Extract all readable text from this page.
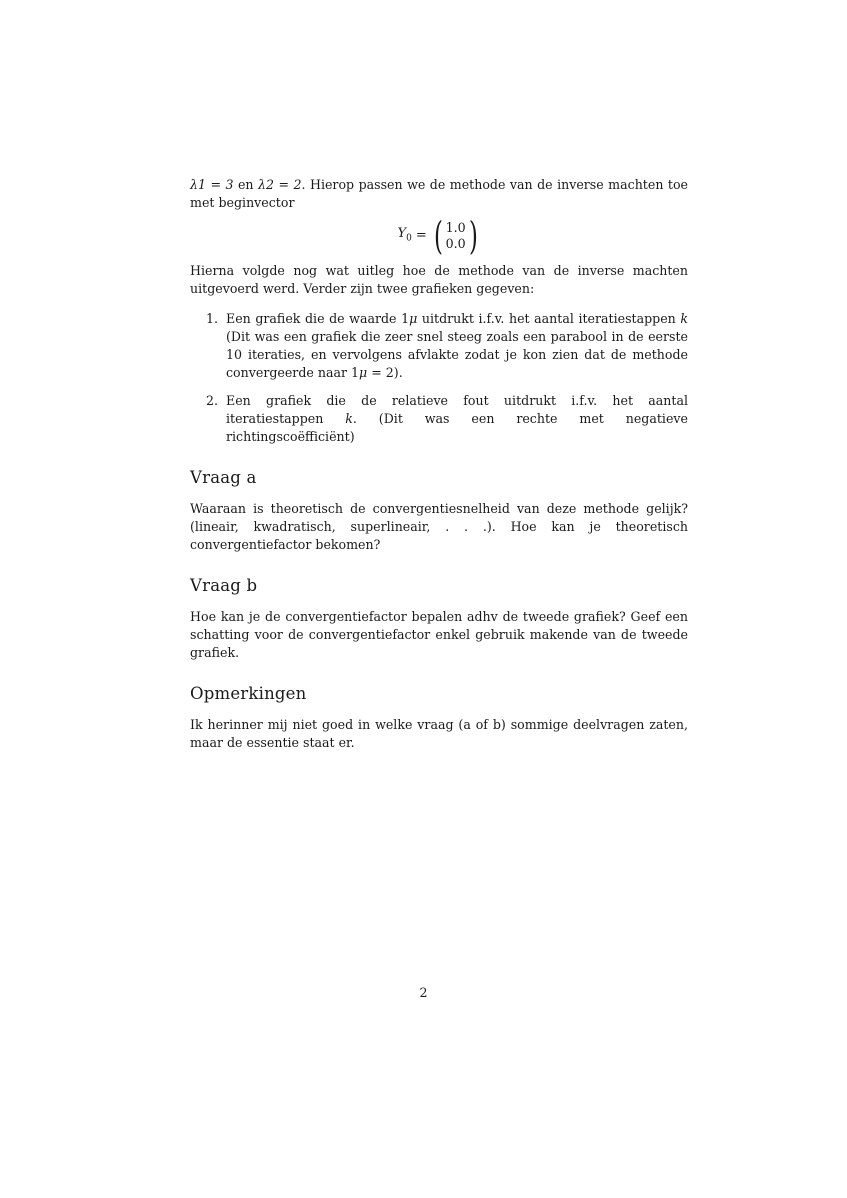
λ1 = 3 en λ2 = 2. Hierop passen we de methode van de inverse machten toe met beginvector

$Y_0$ = ( 1.0
0.0 )

Hierna volgde nog wat uitleg hoe de methode van de inverse machten uitgevoerd werd. Verder zijn twee grafieken gegeven:

1. Een grafiek die de waarde 1μ uitdrukt i.f.v. het aantal iteratiestappen k (Dit was een grafiek die zeer snel steeg zoals een parabool in de eerste 10 iteraties, en vervolgens afvlakte zodat je kon zien dat de methode convergeerde naar 1μ = 2).

2. Een grafiek die de relatieve fout uitdrukt i.f.v. het aantal iteratiestappen k. (Dit was een rechte met negatieve richtingscoëfficiënt)

Vraag a

Waaraan is theoretisch de convergentiesnelheid van deze methode gelijk? (lineair, kwadratisch, superlineair, . . .). Hoe kan je theoretisch convergentiefactor bekomen?

Vraag b

Hoe kan je de convergentiefactor bepalen adhv de tweede grafiek? Geef een schatting voor de convergentiefactor enkel gebruik makende van de tweede grafiek.

Opmerkingen

Ik herinner mij niet goed in welke vraag (a of b) sommige deelvragen zaten, maar de essentie staat er.

2
